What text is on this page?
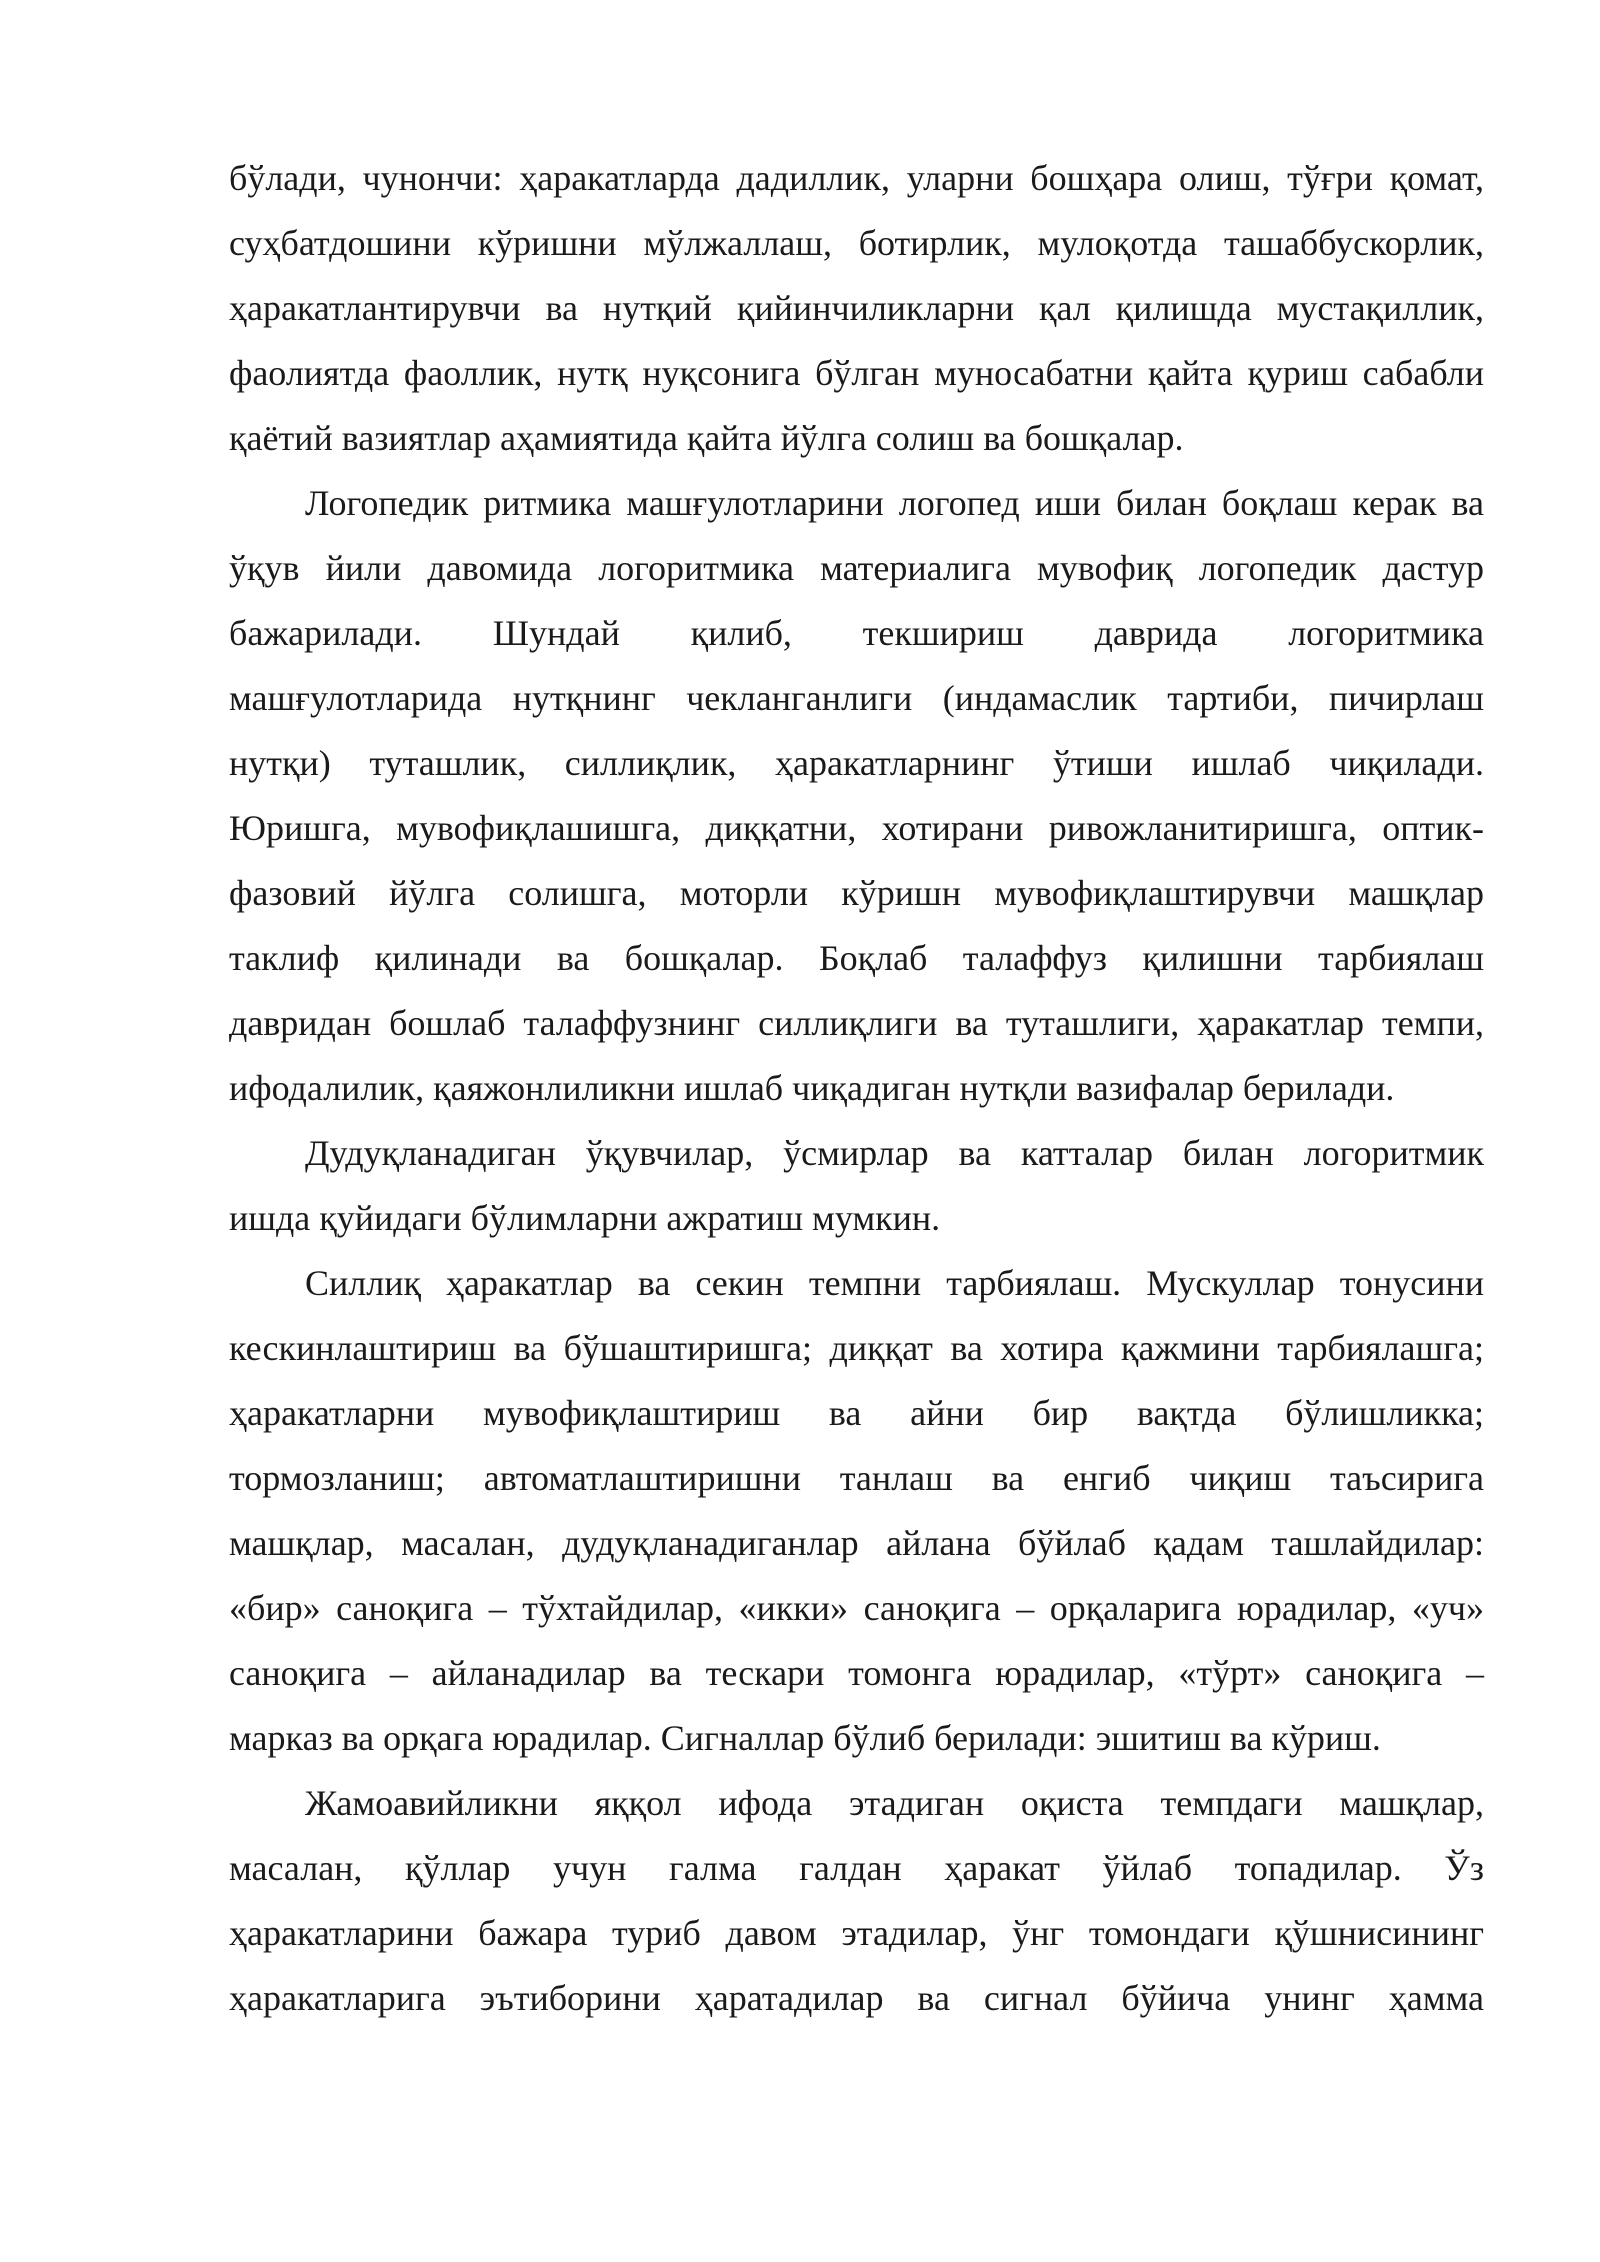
бўлади, чунончи: ҳаракатларда дадиллик, уларни бошҳара олиш, тўғри қомат,
суҳбатдошини кўришни мўлжаллаш, ботирлик, мулоқотда ташаббускорлик,
ҳаракатлантирувчи ва нутқий қийинчиликларни қал қилишда мустақиллик,
фаолиятда фаоллик, нутқ нуқсонига бўлган муносабатни қайта қуриш сабабли
қаётий вазиятлар аҳамиятида қайта йўлга солиш ва бошқалар.
Логопедик ритмика машғулотларини логопед иши билан боқлаш керак ва
ўқув йили давомида логоритмика материалига мувофиқ логопедик дастур
бажарилади. Шундай қилиб, текшириш даврида логоритмика
машғулотларида нутқнинг чекланганлиги (индамаслик тартиби, пичирлаш
нутқи) туташлик, силлиқлик, ҳаракатларнинг ўтиши ишлаб чиқилади.
Юришга, мувофиқлашишга, диққатни, хотирани ривожланитиришга, оптик-
фазовий йўлга солишга, моторли кўришн мувофиқлаштирувчи машқлар
таклиф қилинади ва бошқалар. Боқлаб талаффуз қилишни тарбиялаш
давридан бошлаб талаффузнинг силлиқлиги ва туташлиги, ҳаракатлар темпи,
ифодалилик, қаяжонлиликни ишлаб чиқадиган нутқли вазифалар берилади.
Дудуқланадиган ўқувчилар, ўсмирлар ва катталар билан логоритмик
ишда қуйидаги бўлимларни ажратиш мумкин.
Силлиқ ҳаракатлар ва секин темпни тарбиялаш. Мускуллар тонусини
кескинлаштириш ва бўшаштиришга; диққат ва хотира қажмини тарбиялашга;
ҳаракатларни мувофиқлаштириш ва айни бир вақтда бўлишликка;
тормозланиш; автоматлаштиришни танлаш ва енгиб чиқиш таъсирига
машқлар, масалан, дудуқланадиганлар айлана бўйлаб қадам ташлайдилар:
«бир» саноқига – тўхтайдилар, «икки» саноқига – орқаларига юрадилар, «уч»
саноқига – айланадилар ва тескари томонга юрадилар, «тўрт» саноқига –
марказ ва орқага юрадилар. Сигналлар бўлиб берилади: эшитиш ва кўриш.
Жамоавийликни яққол ифода этадиган оқиста темпдаги машқлар,
масалан, қўллар учун галма галдан ҳаракат ўйлаб топадилар. Ўз
ҳаракатларини бажара туриб давом этадилар, ўнг томондаги қўшнисининг
ҳаракатларига эътиборини ҳаратадилар ва сигнал бўйича унинг ҳамма
